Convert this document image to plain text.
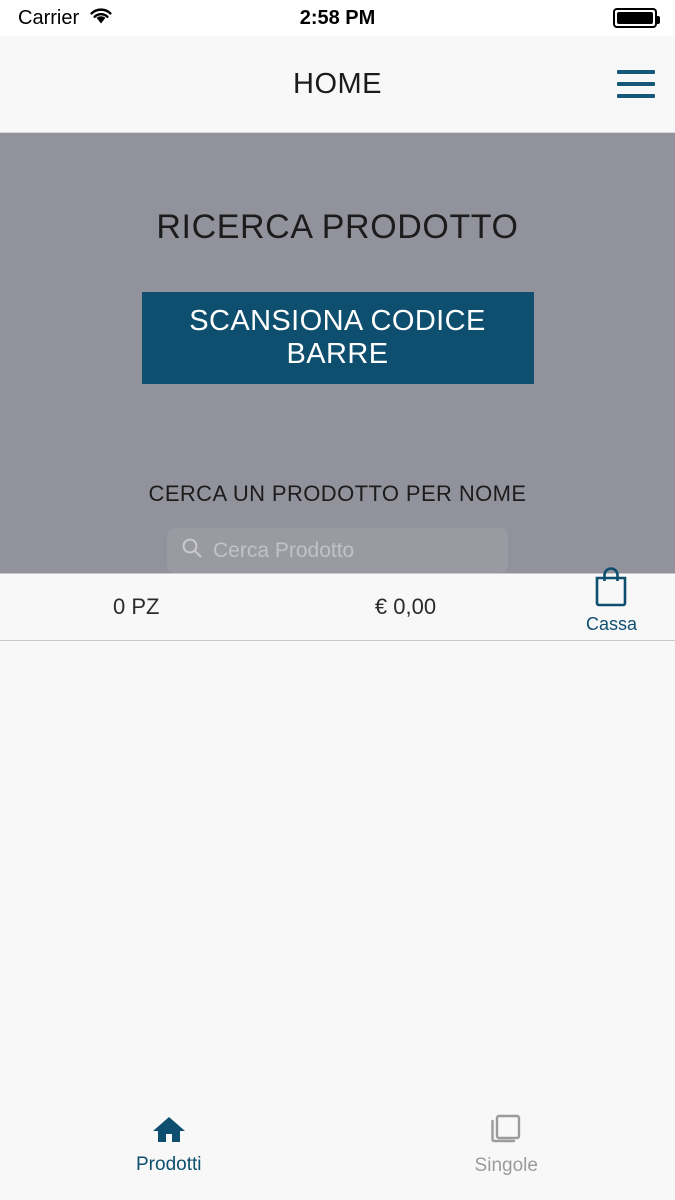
Carrier	2:58 PM
HOME
RICERCA PRODOTTO
SCANSIONA CODICE BARRE
CERCA UN PRODOTTO PER NOME
Cerca Prodotto
0 PZ	€ 0,00
Cassa
Prodotti	Singole
